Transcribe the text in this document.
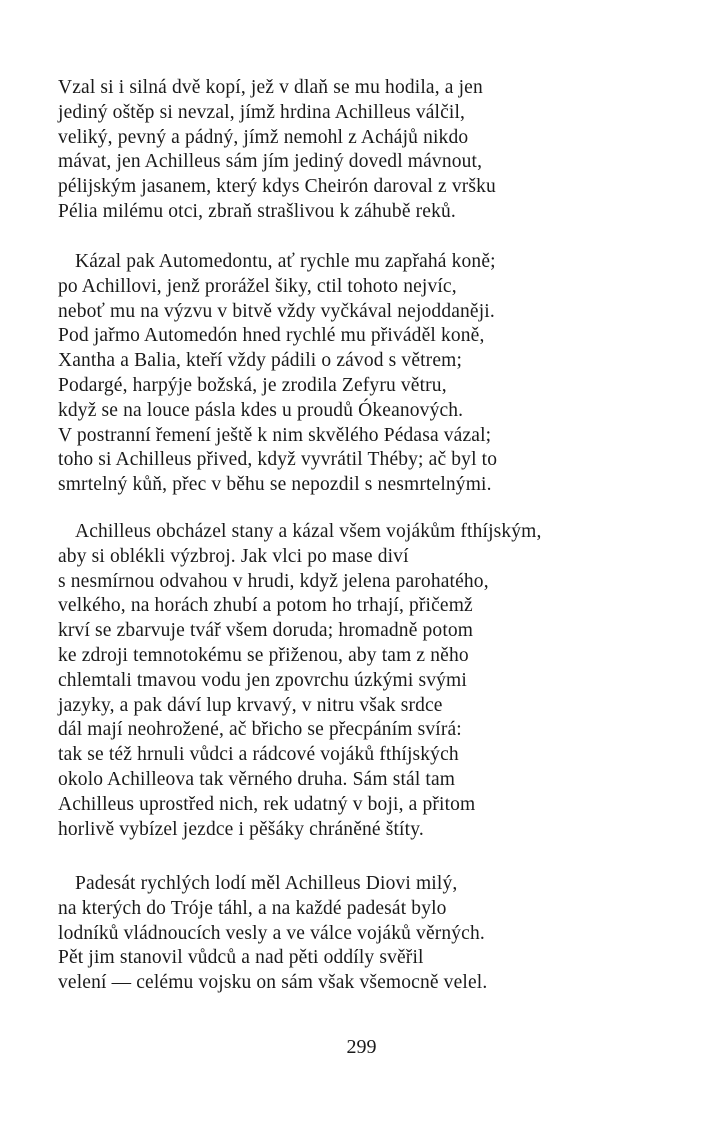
Vzal si i silná dvě kopí, jež v dlaň se mu hodila, a jen
jediný oštěp si nevzal, jímž hrdina Achilleus válčil,
veliký, pevný a pádný, jímž nemohl z Achájů nikdo
mávat, jen Achilleus sám jím jediný dovedl mávnout,
pélijským jasanem, který kdys Cheirón daroval z vršku
Pélia milému otci, zbraň strašlivou k záhubě reků.
Kázal pak Automedontu, ať rychle mu zapřahá koně;
po Achillovi, jenž prorážel šiky, ctil tohoto nejvíc,
neboť mu na výzvu v bitvě vždy vyčkával nejoddaněji.
Pod jařmo Automedón hned rychlé mu přiváděl koně,
Xantha a Balia, kteří vždy pádili o závod s větrem;
Podargé, harpýje božská, je zrodila Zefyru větru,
když se na louce pásla kdes u proudů Ókeanových.
V postranní řemení ještě k nim skvělého Pédasa vázal;
toho si Achilleus přived, když vyvrátil Théby; ač byl to
smrtelný kůň, přec v běhu se nepozdil s nesmrtelnými.
Achilleus obcházel stany a kázal všem vojákům fthíjským,
aby si oblékli výzbroj. Jak vlci po mase diví
s nesmírnou odvahou v hrudi, když jelena parohatého,
velkého, na horách zhubí a potom ho trhají, přičemž
krví se zbarvuje tvář všem doruda; hromadně potom
ke zdroji temnotokému se přiženou, aby tam z něho
chlemtali tmavou vodu jen zpovrchu úzkými svými
jazyky, a pak dáví lup krvavý, v nitru však srdce
dál mají neohrožené, ač břicho se přecpáním svírá:
tak se též hrnuli vůdci a rádcové vojáků fthíjských
okolo Achilleova tak věrného druha. Sám stál tam
Achilleus uprostřed nich, rek udatný v boji, a přitom
horlivě vybízel jezdce i pěšáky chráněné štíty.
Padesát rychlých lodí měl Achilleus Diovi milý,
na kterých do Tróje táhl, a na každé padesát bylo
lodníků vládnoucích vesly a ve válce vojáků věrných.
Pět jim stanovil vůdců a nad pěti oddíly svěřil
velení — celému vojsku on sám však všemocně velel.
299
